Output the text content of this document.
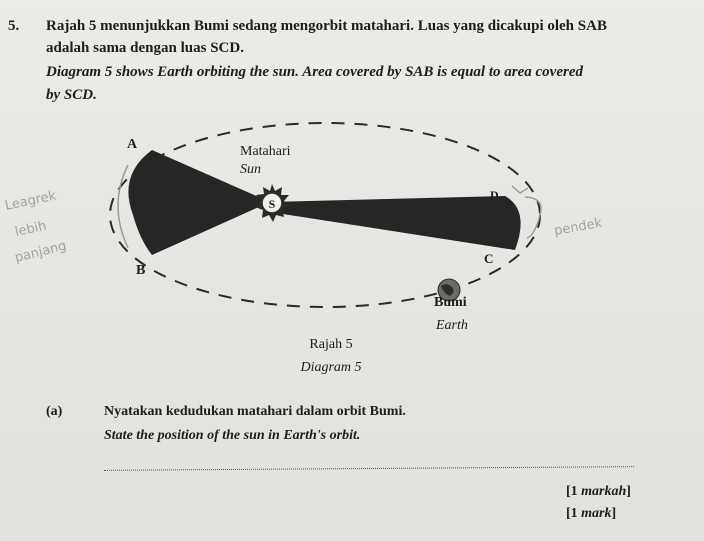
5. Rajah 5 menunjukkan Bumi sedang mengorbit matahari. Luas yang dicakupi oleh SAB
adalah sama dengan luas SCD.
Diagram 5 shows Earth orbiting the sun. Area covered by SAB is equal to area covered
by SCD.
S
A
B
C
D
Matahari
Sun
Bumi
Earth
Leagrek
lebih
panjang
pendek
Rajah 5
Diagram 5
(a)	Nyatakan kedudukan matahari dalam orbit Bumi.
State the position of the sun in Earth's orbit.
[1 markah]
[1 mark]
